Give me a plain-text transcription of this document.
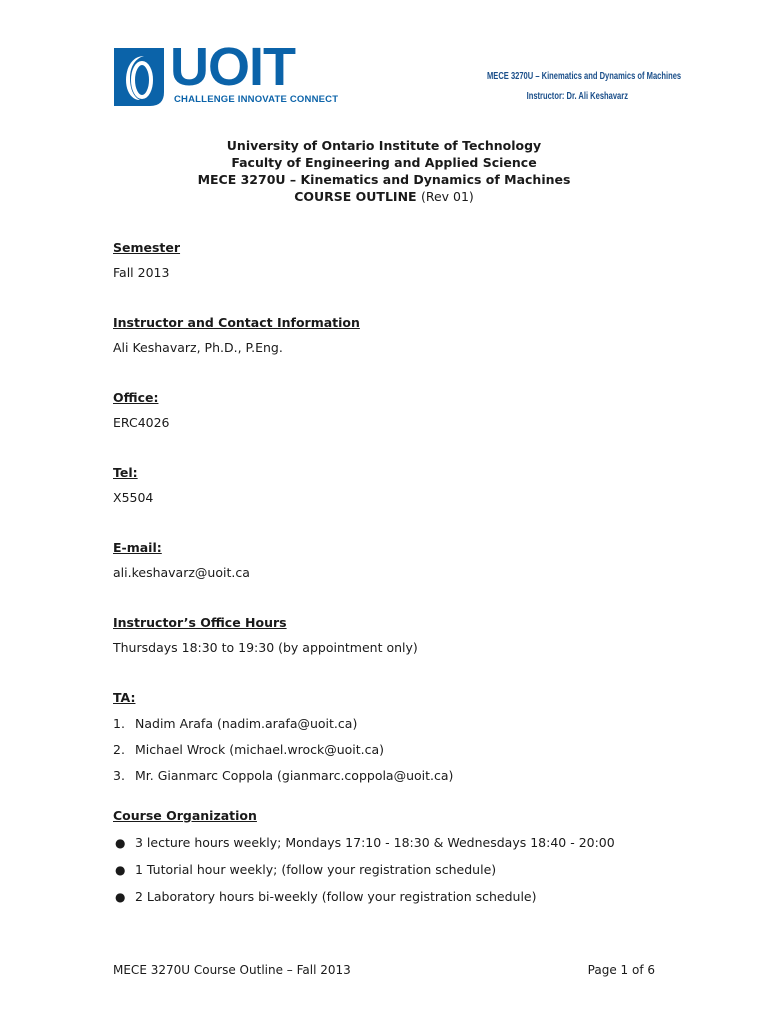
UOIT
CHALLENGE INNOVATE CONNECT
MECE 3270U – Kinematics and Dynamics of Machines
Instructor: Dr. Ali Keshavarz
University of Ontario Institute of Technology
Faculty of Engineering and Applied Science
MECE 3270U – Kinematics and Dynamics of Machines
COURSE OUTLINE (Rev 01)
Semester
Fall 2013
Instructor and Contact Information
Ali Keshavarz, Ph.D., P.Eng.
Office:
ERC4026
Tel:
X5504
E-mail:
ali.keshavarz@uoit.ca
Instructor’s Office Hours
Thursdays 18:30 to 19:30 (by appointment only)
TA:
1. Nadim Arafa (nadim.arafa@uoit.ca)
2. Michael Wrock (michael.wrock@uoit.ca)
3. Mr. Gianmarc Coppola (gianmarc.coppola@uoit.ca)
Course Organization
● 3 lecture hours weekly; Mondays 17:10 - 18:30 & Wednesdays 18:40 - 20:00
● 1 Tutorial hour weekly; (follow your registration schedule)
● 2 Laboratory hours bi-weekly (follow your registration schedule)
MECE 3270U Course Outline – Fall 2013	Page 1 of 6
